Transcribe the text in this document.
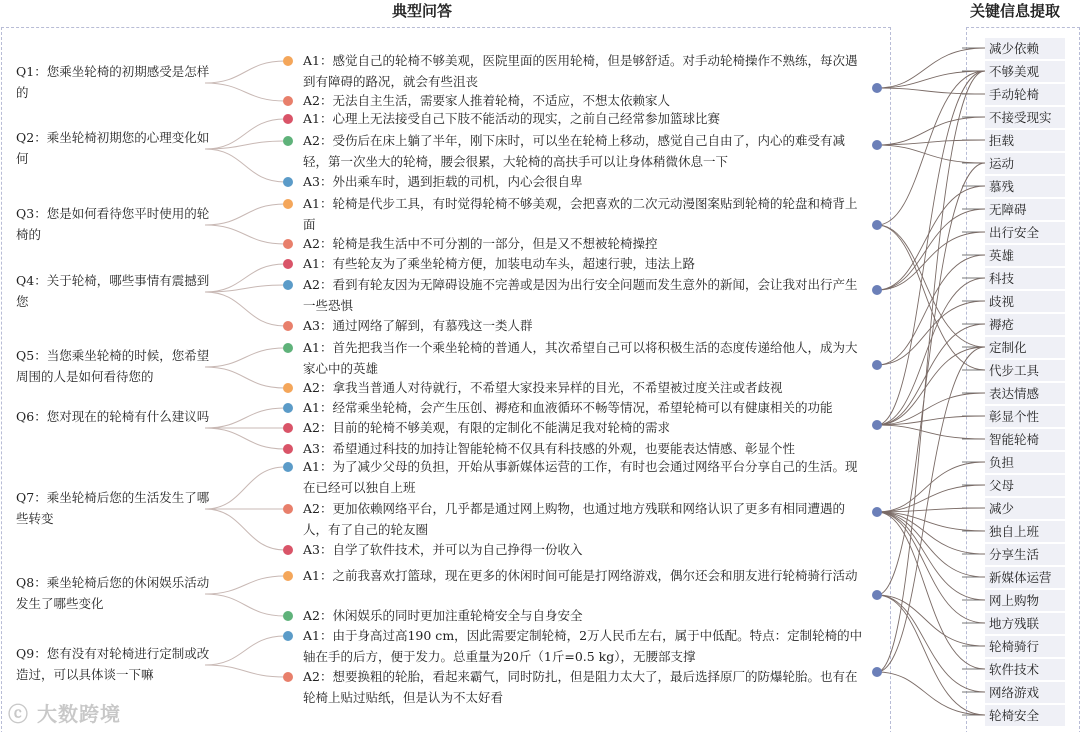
典型问答	关键信息提取
减少依赖
不够美观
手动轮椅
不接受现实
拒载
运动
慕残
无障碍
出行安全
英雄
科技
歧视
褥疮
定制化
代步工具
表达情感
彰显个性
智能轮椅
负担
父母
减少
独自上班
分享生活
新媒体运营
网上购物
地方残联
轮椅骑行
软件技术
网络游戏
轮椅安全
Q1：您乘坐轮椅的初期感受是怎样的
A1：感觉自己的轮椅不够美观，医院里面的医用轮椅，但是够舒适。对手动轮椅操作不熟练，每次遇到有障碍的路况，就会有些沮丧
A2：无法自主生活，需要家人推着轮椅，不适应，不想太依赖家人
Q2：乘坐轮椅初期您的心理变化如何
A1：心理上无法接受自己下肢不能活动的现实，之前自己经常参加篮球比赛
A2：受伤后在床上躺了半年，刚下床时，可以坐在轮椅上移动，感觉自己自由了，内心的难受有减轻，第一次坐大的轮椅，腰会很累，大轮椅的高扶手可以让身体稍微休息一下
A3：外出乘车时，遇到拒载的司机，内心会很自卑
Q3：您是如何看待您平时使用的轮椅的
A1：轮椅是代步工具，有时觉得轮椅不够美观，会把喜欢的二次元动漫图案贴到轮椅的轮盘和椅背上面
A2：轮椅是我生活中不可分割的一部分，但是又不想被轮椅操控
Q4：关于轮椅，哪些事情有震撼到您
A1：有些轮友为了乘坐轮椅方便，加装电动车头，超速行驶，违法上路
A2：看到有轮友因为无障碍设施不完善或是因为出行安全问题而发生意外的新闻，会让我对出行产生一些恐惧
A3：通过网络了解到，有慕残这一类人群
Q5：当您乘坐轮椅的时候，您希望周围的人是如何看待您的
A1：首先把我当作一个乘坐轮椅的普通人，其次希望自己可以将积极生活的态度传递给他人，成为大家心中的英雄
A2：拿我当普通人对待就行，不希望大家投来异样的目光，不希望被过度关注或者歧视
Q6：您对现在的轮椅有什么建议吗
A1：经常乘坐轮椅，会产生压创、褥疮和血液循环不畅等情况，希望轮椅可以有健康相关的功能
A2：目前的轮椅不够美观，有限的定制化不能满足我对轮椅的需求
A3：希望通过科技的加持让智能轮椅不仅具有科技感的外观，也要能表达情感、彰显个性
Q7：乘坐轮椅后您的生活发生了哪些转变
A1：为了减少父母的负担，开始从事新媒体运营的工作，有时也会通过网络平台分享自己的生活。现在已经可以独自上班
A2：更加依赖网络平台，几乎都是通过网上购物，也通过地方残联和网络认识了更多有相同遭遇的人，有了自己的轮友圈
A3：自学了软件技术，并可以为自己挣得一份收入
Q8：乘坐轮椅后您的休闲娱乐活动发生了哪些变化
A1：之前我喜欢打篮球，现在更多的休闲时间可能是打网络游戏，偶尔还会和朋友进行轮椅骑行活动
A2：休闲娱乐的同时更加注重轮椅安全与自身安全
Q9：您有没有对轮椅进行定制或改造过，可以具体谈一下嘛
A1：由于身高过高190 cm，因此需要定制轮椅，2万人民币左右，属于中低配。特点：定制轮椅的中轴在手的后方，便于发力。总重量为20斤（1斤=0.5 kg），无腰部支撑
A2：想要换粗的轮胎，看起来霸气，同时防扎，但是阻力太大了，最后选择原厂的防爆轮胎。也有在轮椅上贴过贴纸，但是认为不太好看
ⓒ 大数跨境
